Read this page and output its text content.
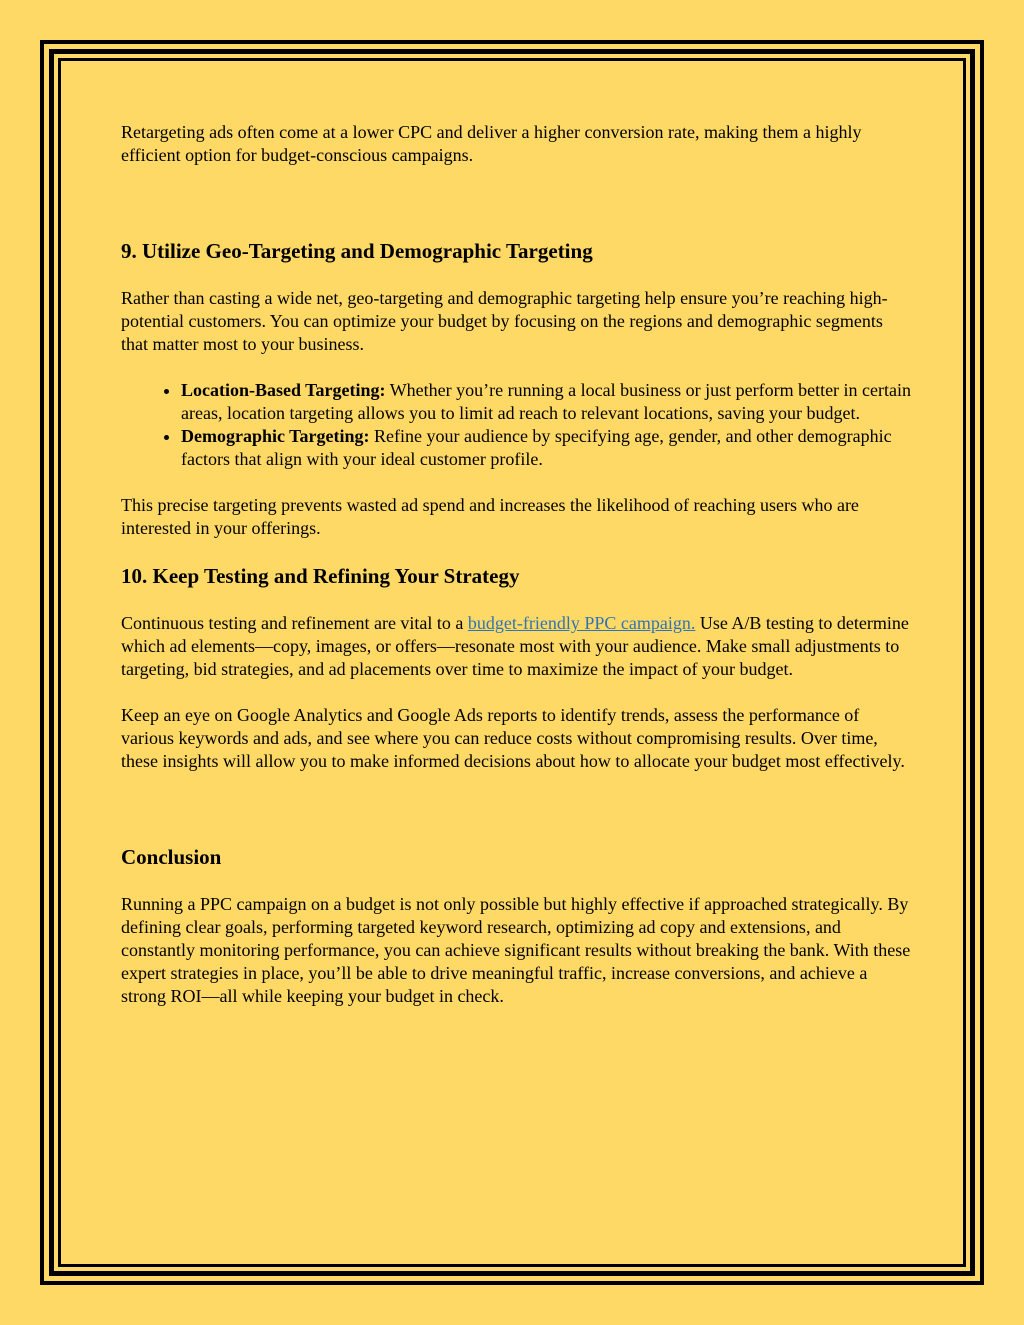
Retargeting ads often come at a lower CPC and deliver a higher conversion rate, making them a highly efficient option for budget-conscious campaigns.

9. Utilize Geo-Targeting and Demographic Targeting

Rather than casting a wide net, geo-targeting and demographic targeting help ensure you’re reaching high-potential customers. You can optimize your budget by focusing on the regions and demographic segments that matter most to your business.

• Location-Based Targeting: Whether you’re running a local business or just perform better in certain areas, location targeting allows you to limit ad reach to relevant locations, saving your budget.
• Demographic Targeting: Refine your audience by specifying age, gender, and other demographic factors that align with your ideal customer profile.

This precise targeting prevents wasted ad spend and increases the likelihood of reaching users who are interested in your offerings.

10. Keep Testing and Refining Your Strategy

Continuous testing and refinement are vital to a budget-friendly PPC campaign. Use A/B testing to determine which ad elements—copy, images, or offers—resonate most with your audience. Make small adjustments to targeting, bid strategies, and ad placements over time to maximize the impact of your budget.

Keep an eye on Google Analytics and Google Ads reports to identify trends, assess the performance of various keywords and ads, and see where you can reduce costs without compromising results. Over time, these insights will allow you to make informed decisions about how to allocate your budget most effectively.

Conclusion

Running a PPC campaign on a budget is not only possible but highly effective if approached strategically. By defining clear goals, performing targeted keyword research, optimizing ad copy and extensions, and constantly monitoring performance, you can achieve significant results without breaking the bank. With these expert strategies in place, you’ll be able to drive meaningful traffic, increase conversions, and achieve a strong ROI—all while keeping your budget in check.
